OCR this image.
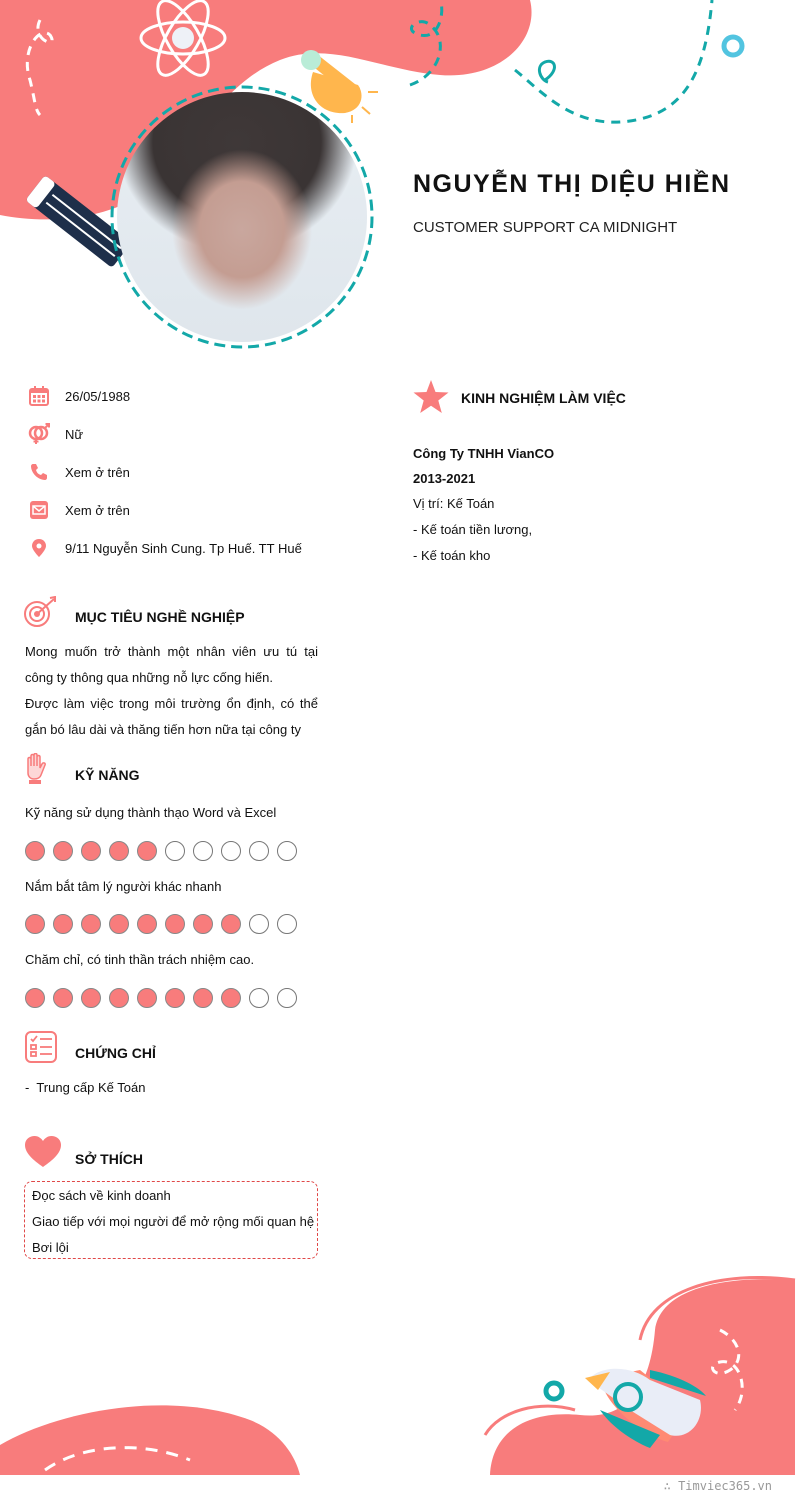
NGUYỄN THỊ DIỆU HIỀN
CUSTOMER SUPPORT CA MIDNIGHT
26/05/1988
Nữ
Xem ở trên
Xem ở trên
9/11 Nguyễn Sinh Cung. Tp Huế. TT Huế
MỤC TIÊU NGHỀ NGHIỆP
Mong muốn trở thành một nhân viên ưu tú tại công ty thông qua những nỗ lực cống hiến.
Được làm việc trong môi trường ổn định, có thể gắn bó lâu dài và thăng tiến hơn nữa tại công ty
KỸ NĂNG
Kỹ năng sử dụng thành thạo Word và Excel
Nắm bắt tâm lý người khác nhanh
Chăm chỉ, có tinh thần trách nhiệm cao.
CHỨNG CHỈ
-  Trung cấp Kế Toán
SỞ THÍCH
Đọc sách về kinh doanh
Giao tiếp với mọi người để mở rộng mối quan hệ
Bơi lội
KINH NGHIỆM LÀM VIỆC
Công Ty TNHH VianCO
2013-2021
Vị trí: Kế Toán
- Kế toán tiền lương,
- Kế toán kho
∴ Timviec365.vn
